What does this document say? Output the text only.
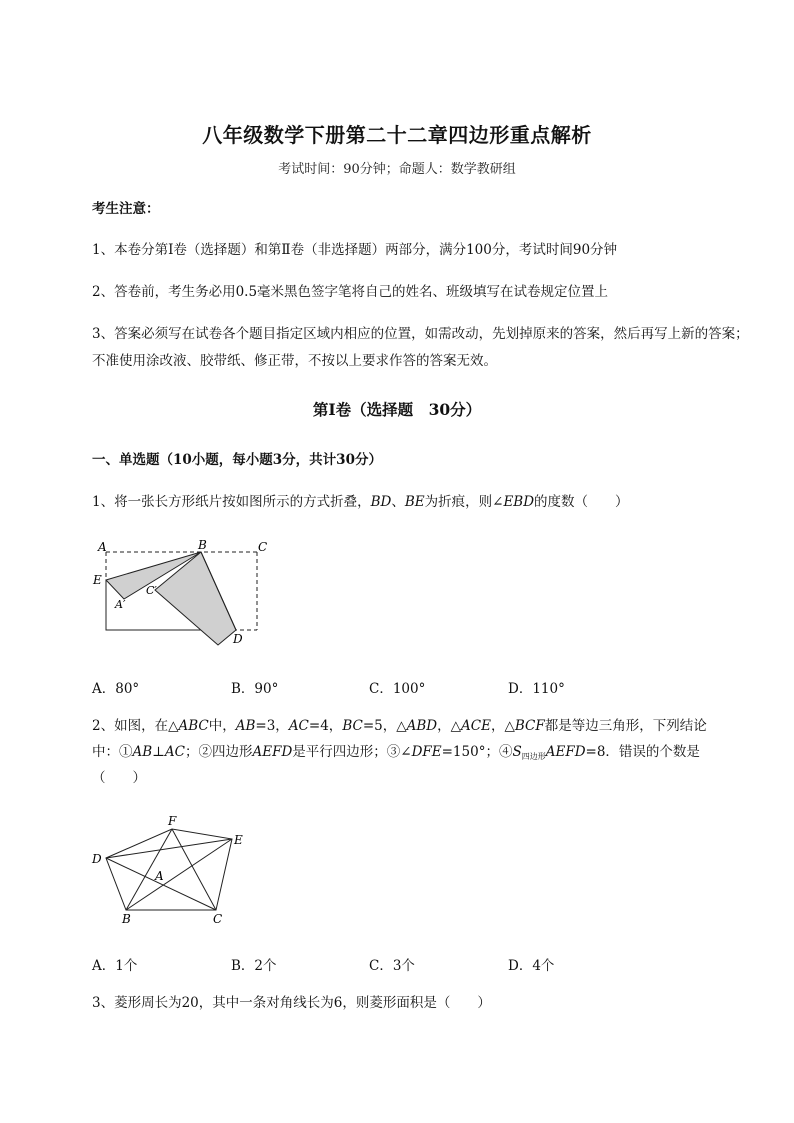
八年级数学下册第二十二章四边形重点解析
考试时间：90分钟；命题人：数学教研组
考生注意：
1、本卷分第Ⅰ卷（选择题）和第Ⅱ卷（非选择题）两部分，满分100分，考试时间90分钟
2、答卷前，考生务必用0.5毫米黑色签字笔将自己的姓名、班级填写在试卷规定位置上
3、答案必须写在试卷各个题目指定区域内相应的位置，如需改动，先划掉原来的答案，然后再写上新的答案；不准使用涂改液、胶带纸、修正带，不按以上要求作答的答案无效。
第Ⅰ卷（选择题　30分）
一、单选题（10小题，每小题3分，共计30分）
1、将一张长方形纸片按如图所示的方式折叠，BD、BE为折痕，则∠EBD的度数（　　）
A	B	C
E
A′
C′
D
A．80°	B．90°	C．100°	D．110°
2、如图，在△ABC中，AB=3，AC=4，BC=5，△ABD，△ACE，△BCF都是等边三角形，下列结论
中：①AB⊥AC；②四边形AEFD是平行四边形；③∠DFE=150°；$④S_{四边形}AEFD=8$．错误的个数是
（　　）
F
E
D
A
B	C
A．1个	B．2个	C．3个	D．4个
3、菱形周长为20，其中一条对角线长为6，则菱形面积是（　　）
